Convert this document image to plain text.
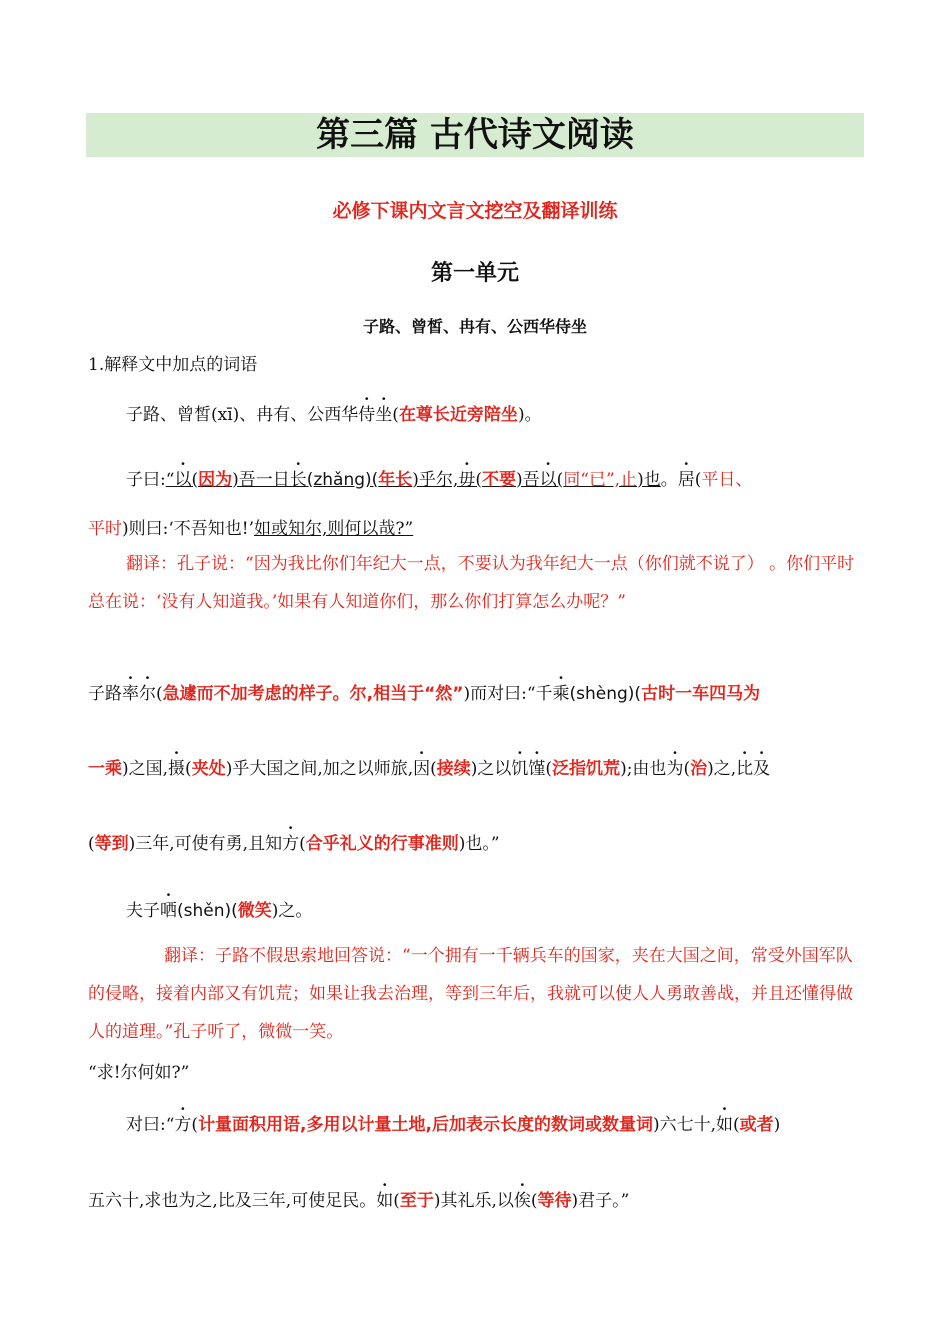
第三篇 古代诗文阅读
必修下课内文言文挖空及翻译训练
第一单元
子路、曾皙、冉有、公西华侍坐
1.解释文中加点的词语
子路、曾皙(xī)、冉有、公西华侍坐(在尊长近旁陪坐)。
子曰:“以(因为)吾一日长(zhǎng)(年长)乎尔,毋(不要)吾以(同“已”,止)也。居(平日、
平时)则曰:‘不吾知也!’如或知尔,则何以哉?”
翻译：孔子说：“因为我比你们年纪大一点，不要认为我年纪大一点（你们就不说了） 。你们平时总在说：‘没有人知道我。’如果有人知道你们，那么你们打算怎么办呢？”
子路率尔(急遽而不加考虑的样子。尔,相当于“然”)而对曰:“千乘(shèng)(古时一车四马为
一乘)之国,摄(夹处)乎大国之间,加之以师旅,因(接续)之以饥馑(泛指饥荒);由也为(治)之,比及
(等到)三年,可使有勇,且知方(合乎礼义的行事准则)也。”
夫子哂(shěn)(微笑)之。
翻译：子路不假思索地回答说：“一个拥有一千辆兵车的国家，夹在大国之间，常受外国军队的侵略，接着内部又有饥荒；如果让我去治理，等到三年后，我就可以使人人勇敢善战，并且还懂得做人的道理。”孔子听了，微微一笑。
“求!尔何如?”
对曰:“方(计量面积用语,多用以计量土地,后加表示长度的数词或数量词)六七十,如(或者)
五六十,求也为之,比及三年,可使足民。如(至于)其礼乐,以俟(等待)君子。”
